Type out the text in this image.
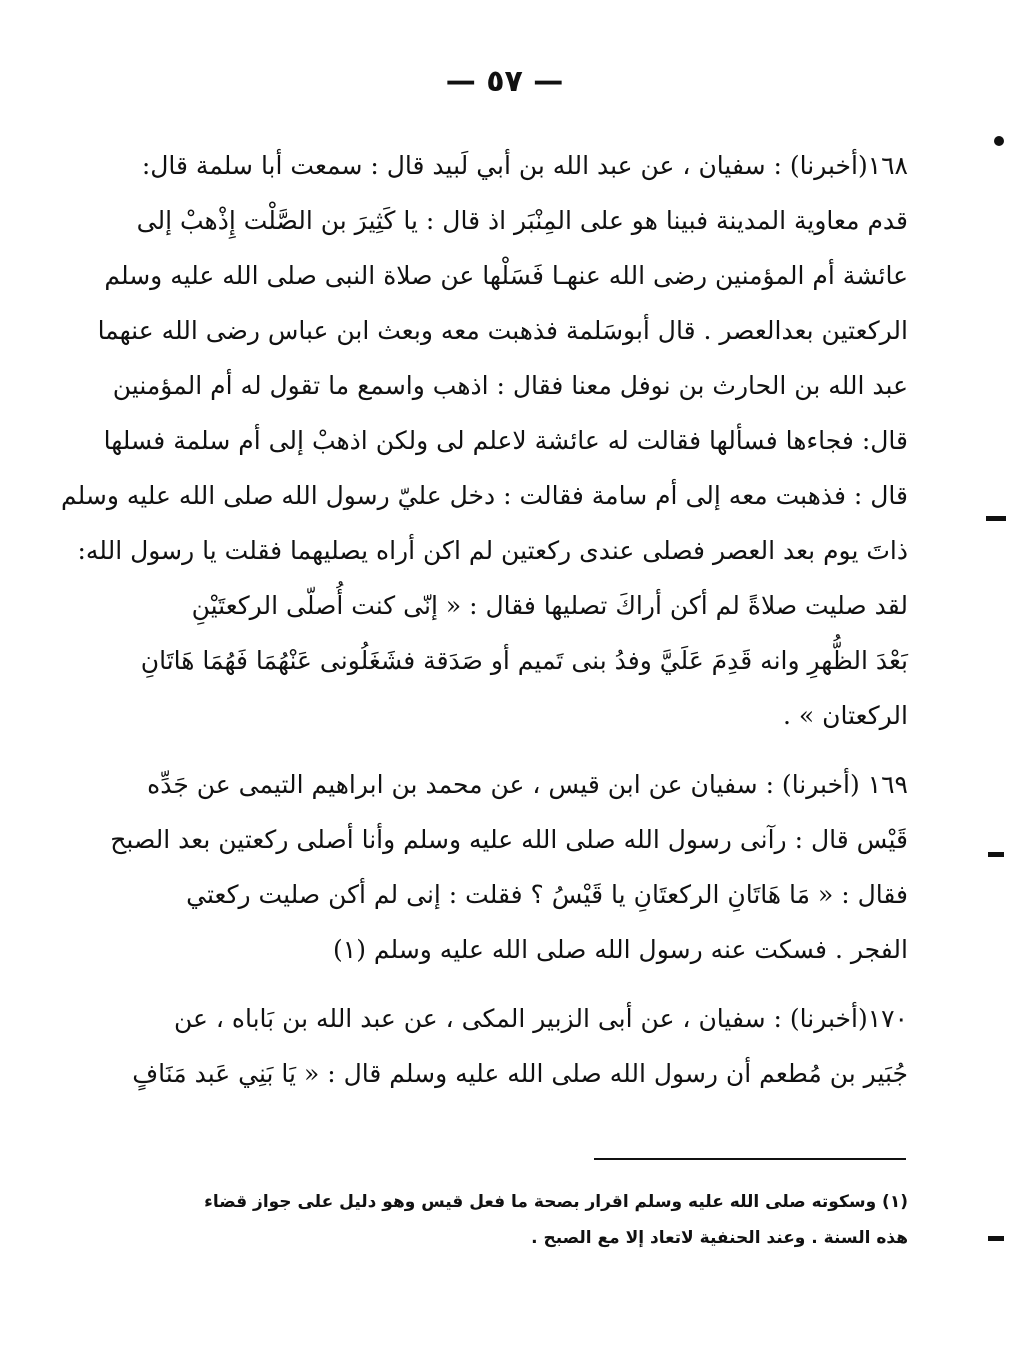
— ٥٧ —
١٦٨(أخبرنا) : سفيان ، عن عبد الله بن أبي لَبيد قال : سمعت أبا سلمة قال:
قدم معاوية المدينة فبينا هو على المِنْبَر اذ قال : يا كَثِيرَ بن الصَّلْت إِذْهبْ إلى
عائشة أم المؤمنين رضى الله عنهـا فَسَلْها عن صلاة النبى صلى الله عليه وسلم
الركعتين بعدالعصر . قال أبوسَلمة فذهبت معه وبعث ابن عباس رضى الله عنهما
عبد الله بن الحارث بن نوفل معنا فقال : اذهب واسمع ما تقول له أم المؤمنين
قال: فجاءها فسألها فقالت له عائشة لاعلم لى ولكن اذهبْ إلى أم سلمة فسلها
قال : فذهبت معه إلى أم سامة فقالت : دخل عليّ رسول الله صلى الله عليه وسلم
ذاتَ يوم بعد العصر فصلى عندى ركعتين لم اكن أراه يصليهما فقلت يا رسول الله:
لقد صليت صلاةً لم أكن أراكَ تصليها فقال : « إنّى كنت أُصلّى الركعتَيْنِ
بَعْدَ الظُّهرِ وانه قَدِمَ عَلَيَّ وفدُ بنى تَميم أو صَدَقة فشَغَلُونى عَنْهُمَا فَهُمَا هَاتَانِ
الركعتان » .
١٦٩ (أخبرنا) : سفيان عن ابن قيس ، عن محمد بن ابراهيم التيمى عن جَدِّه
قَيْس قال : رآنى رسول الله صلى الله عليه وسلم وأنا أصلى ركعتين بعد الصبح
فقال : « مَا هَاتَانِ الركعتَانِ يا قَيْسُ ؟ فقلت : إنى لم أكن صليت ركعتي
الفجر . فسكت عنه رسول الله صلى الله عليه وسلم (١)
١٧٠(أخبرنا) : سفيان ، عن أبى الزبير المكى ، عن عبد الله بن بَاباه ، عن
جُبَير بن مُطعم أن رسول الله صلى الله عليه وسلم قال : « يَا بَنِي عَبد مَنَافٍ
(١) وسكوته صلى الله عليه وسلم اقرار بصحة ما فعل قيس وهو دليل على جواز قضاء
هذه السنة . وعند الحنفية لاتعاد إلا مع الصبح .
